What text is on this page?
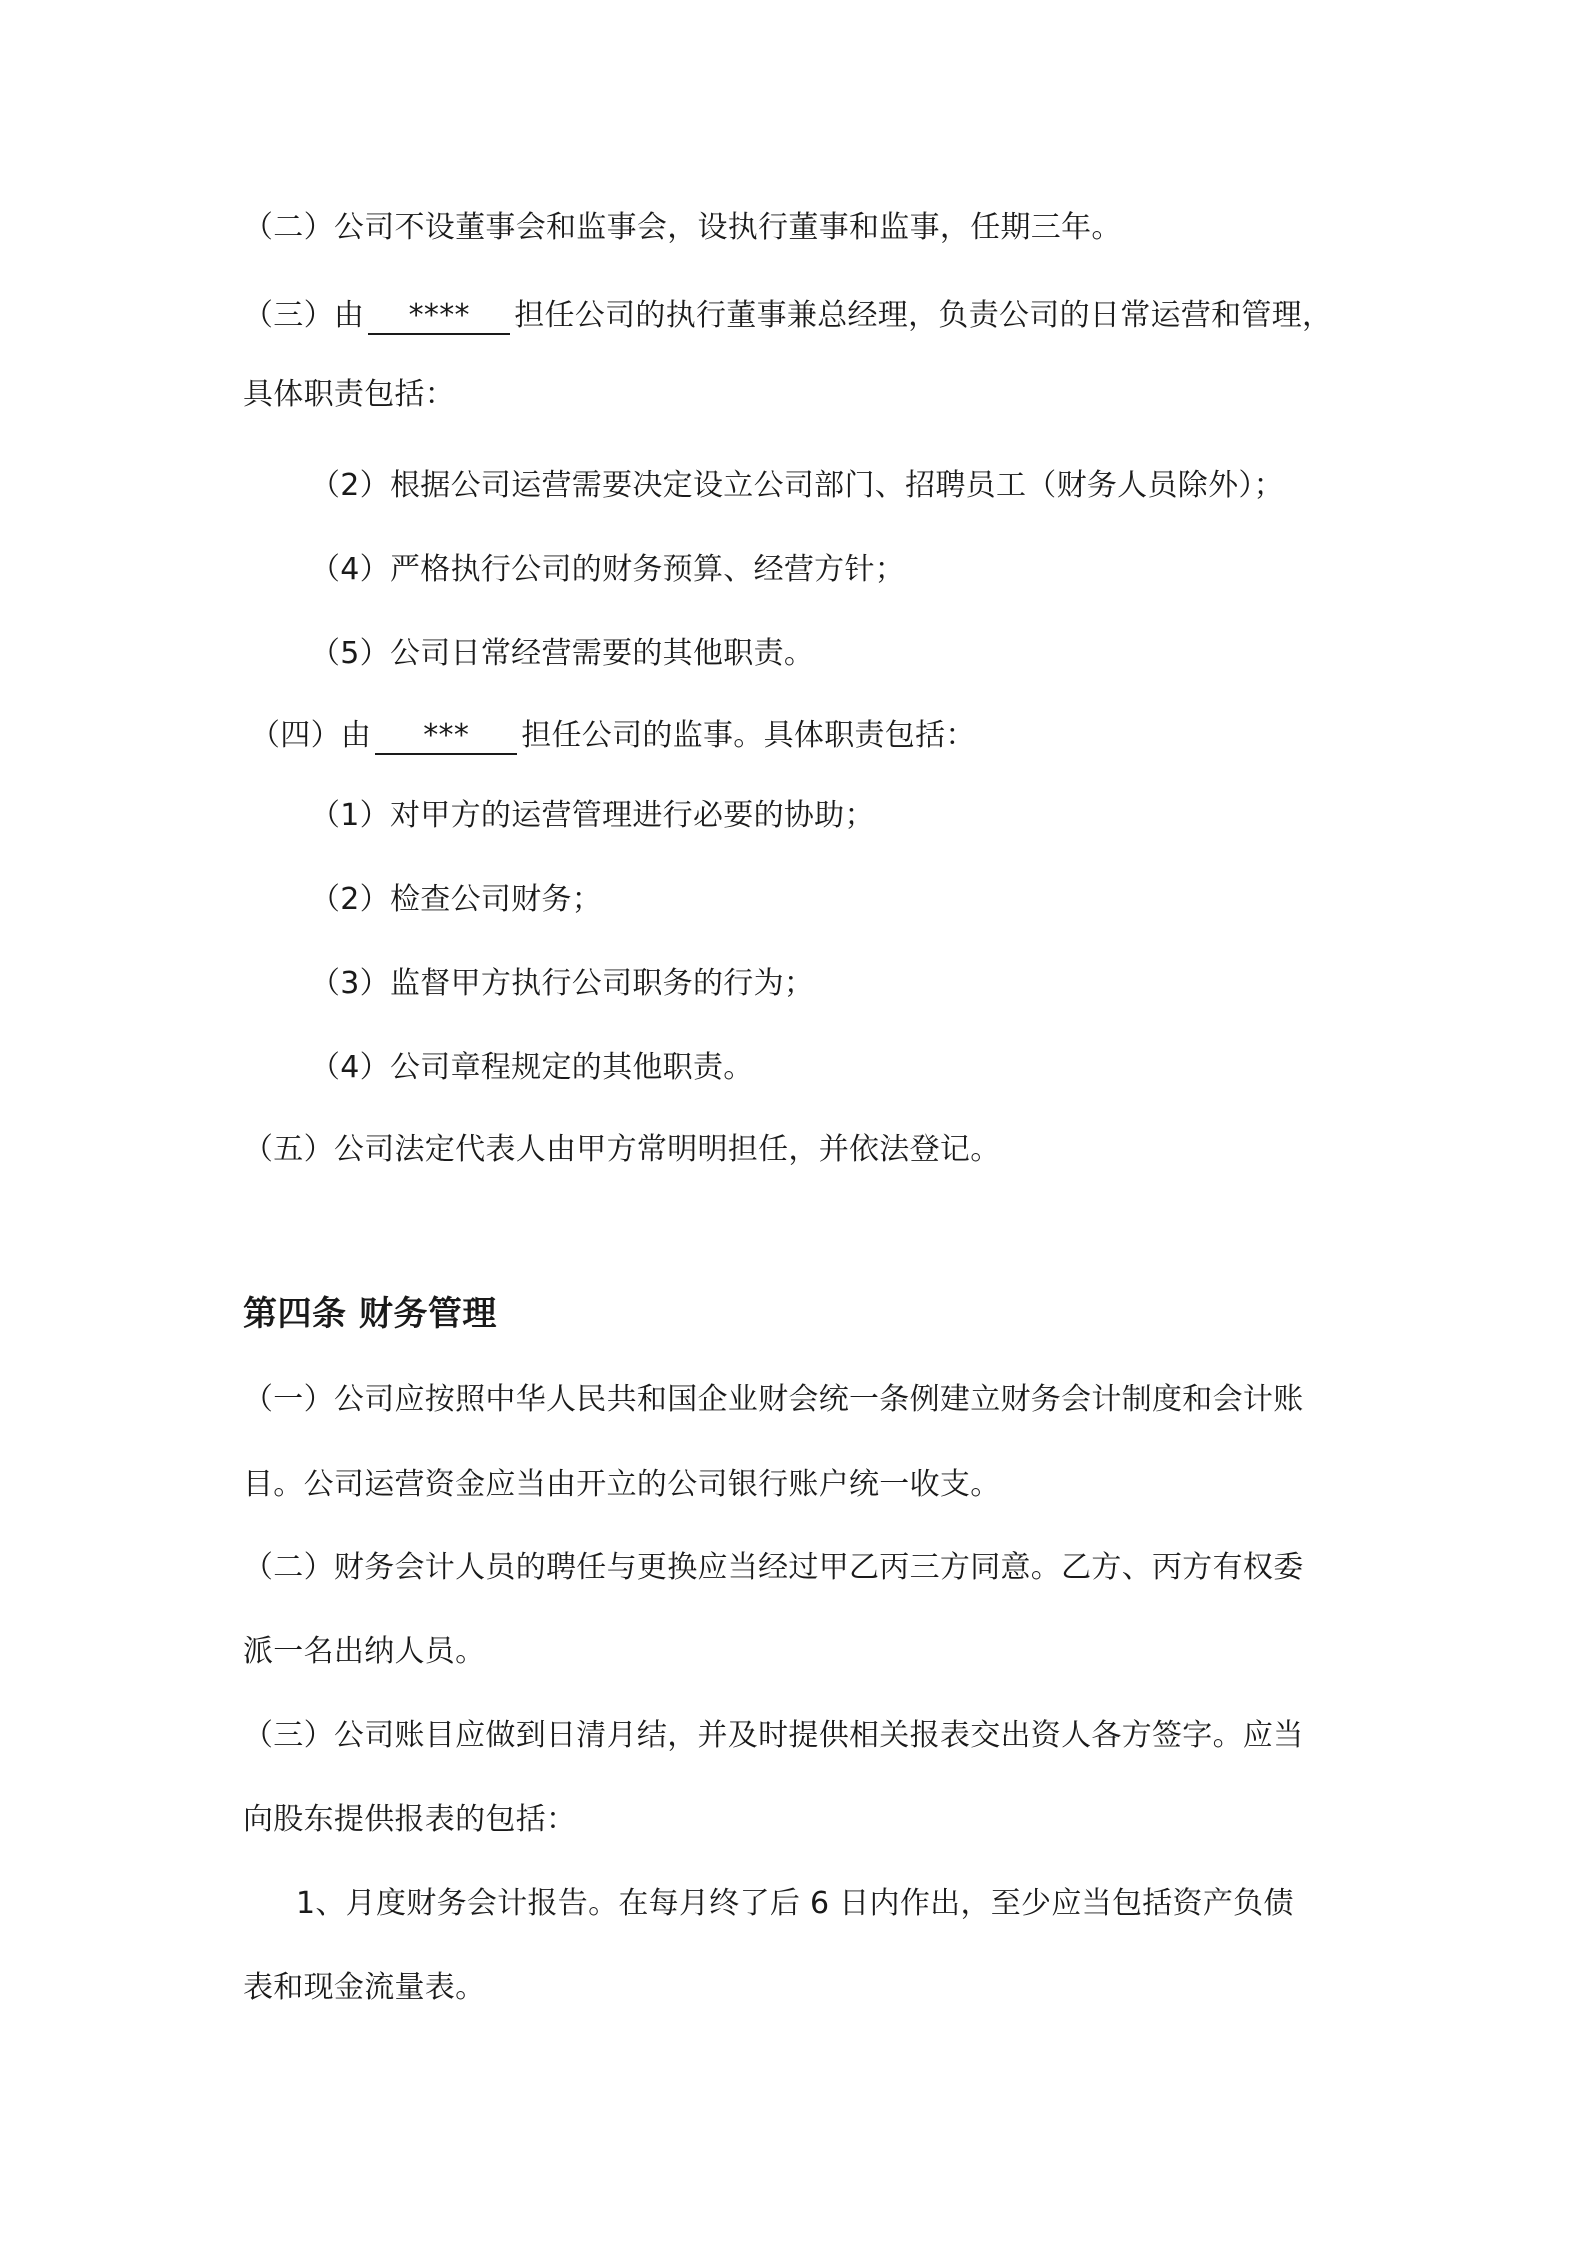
（二）公司不设董事会和监事会，设执行董事和监事，任期三年。
（三）由 **** 担任公司的执行董事兼总经理，负责公司的日常运营和管理，
具体职责包括：
（2）根据公司运营需要决定设立公司部门、招聘员工（财务人员除外）；
（4）严格执行公司的财务预算、经营方针；
（5）公司日常经营需要的其他职责。
（四）由 *** 担任公司的监事。具体职责包括：
（1）对甲方的运营管理进行必要的协助；
（2）检查公司财务；
（3）监督甲方执行公司职务的行为；
（4）公司章程规定的其他职责。
（五）公司法定代表人由甲方常明明担任，并依法登记。
第四条 财务管理
（一）公司应按照中华人民共和国企业财会统一条例建立财务会计制度和会计账
目。公司运营资金应当由开立的公司银行账户统一收支。
（二）财务会计人员的聘任与更换应当经过甲乙丙三方同意。乙方、丙方有权委
派一名出纳人员。
（三）公司账目应做到日清月结，并及时提供相关报表交出资人各方签字。应当
向股东提供报表的包括：
1、月度财务会计报告。在每月终了后 6 日内作出，至少应当包括资产负债
表和现金流量表。
